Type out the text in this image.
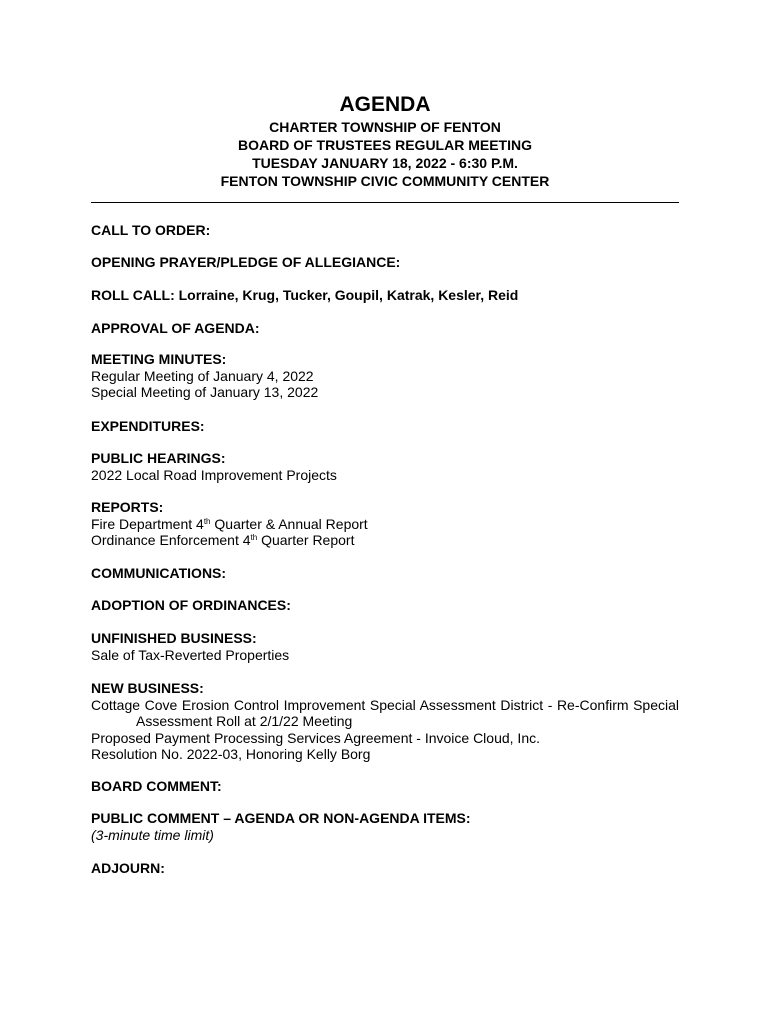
AGENDA
CHARTER TOWNSHIP OF FENTON
BOARD OF TRUSTEES REGULAR MEETING
TUESDAY JANUARY 18, 2022 - 6:30 P.M.
FENTON TOWNSHIP CIVIC COMMUNITY CENTER
CALL TO ORDER:
OPENING PRAYER/PLEDGE OF ALLEGIANCE:
ROLL CALL: Lorraine, Krug, Tucker, Goupil, Katrak, Kesler, Reid
APPROVAL OF AGENDA:
MEETING MINUTES:
Regular Meeting of January 4, 2022
Special Meeting of January 13, 2022
EXPENDITURES:
PUBLIC HEARINGS:
2022 Local Road Improvement Projects
REPORTS:
Fire Department 4th Quarter & Annual Report
Ordinance Enforcement 4th Quarter Report
COMMUNICATIONS:
ADOPTION OF ORDINANCES:
UNFINISHED BUSINESS:
Sale of Tax-Reverted Properties
NEW BUSINESS:
Cottage Cove Erosion Control Improvement Special Assessment District - Re-Confirm Special
Assessment Roll at 2/1/22 Meeting
Proposed Payment Processing Services Agreement - Invoice Cloud, Inc.
Resolution No. 2022-03, Honoring Kelly Borg
BOARD COMMENT:
PUBLIC COMMENT – AGENDA OR NON-AGENDA ITEMS:
(3-minute time limit)
ADJOURN:
